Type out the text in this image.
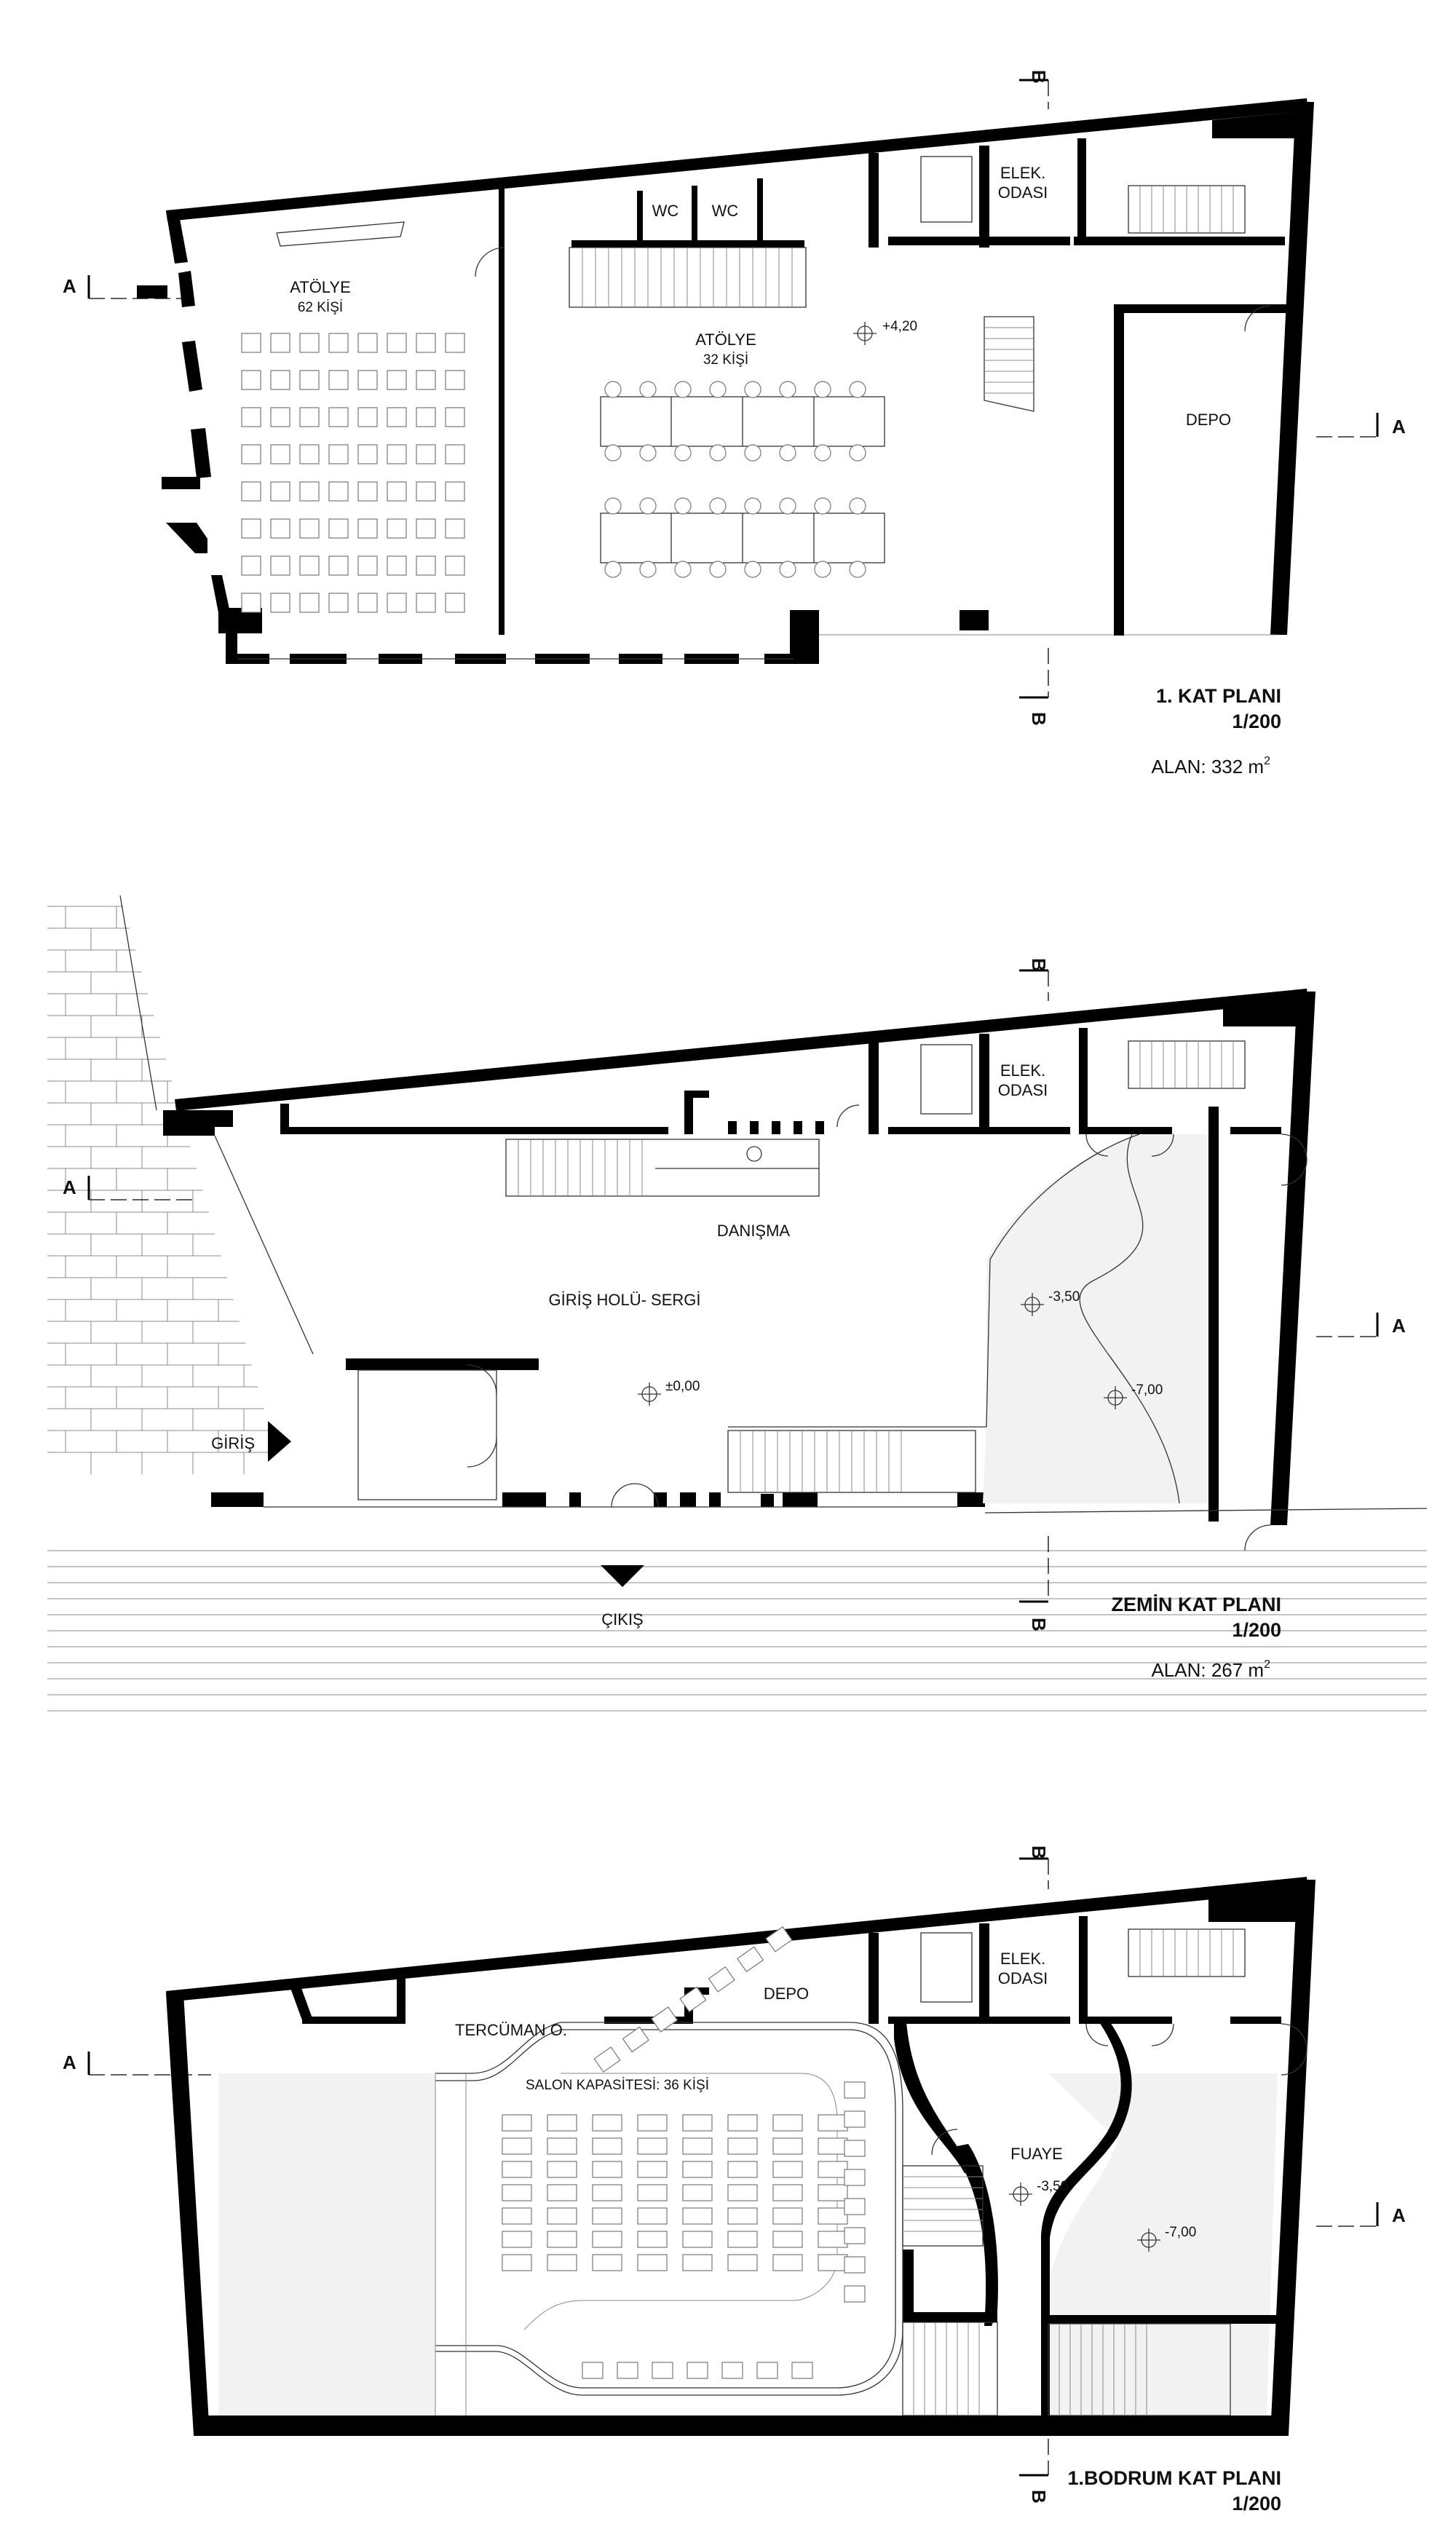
+4,20
ATÖLYE
62 KİŞİ
ATÖLYE
32 KİŞİ
WC WC
ELEK.
ODASI
DEPO
A
A
B
B
1. KAT PLANI
1/200
ALAN: 332 $m^2$
±0,00
-3,50
-7,00
DANIŞMA
GİRİŞ HOLÜ- SERGİ
ELEK.
ODASI
GİRİŞ
ÇIKIŞ
A
A
B
B
ZEMİN KAT PLANI
1/200
ALAN: 267 $m^2$
-3,50
-7,00
TERCÜMAN O.
DEPO
ELEK.
ODASI
SALON KAPASİTESİ: 36 KİŞİ
FUAYE
A
A
B
B
1.BODRUM KAT PLANI
1/200
